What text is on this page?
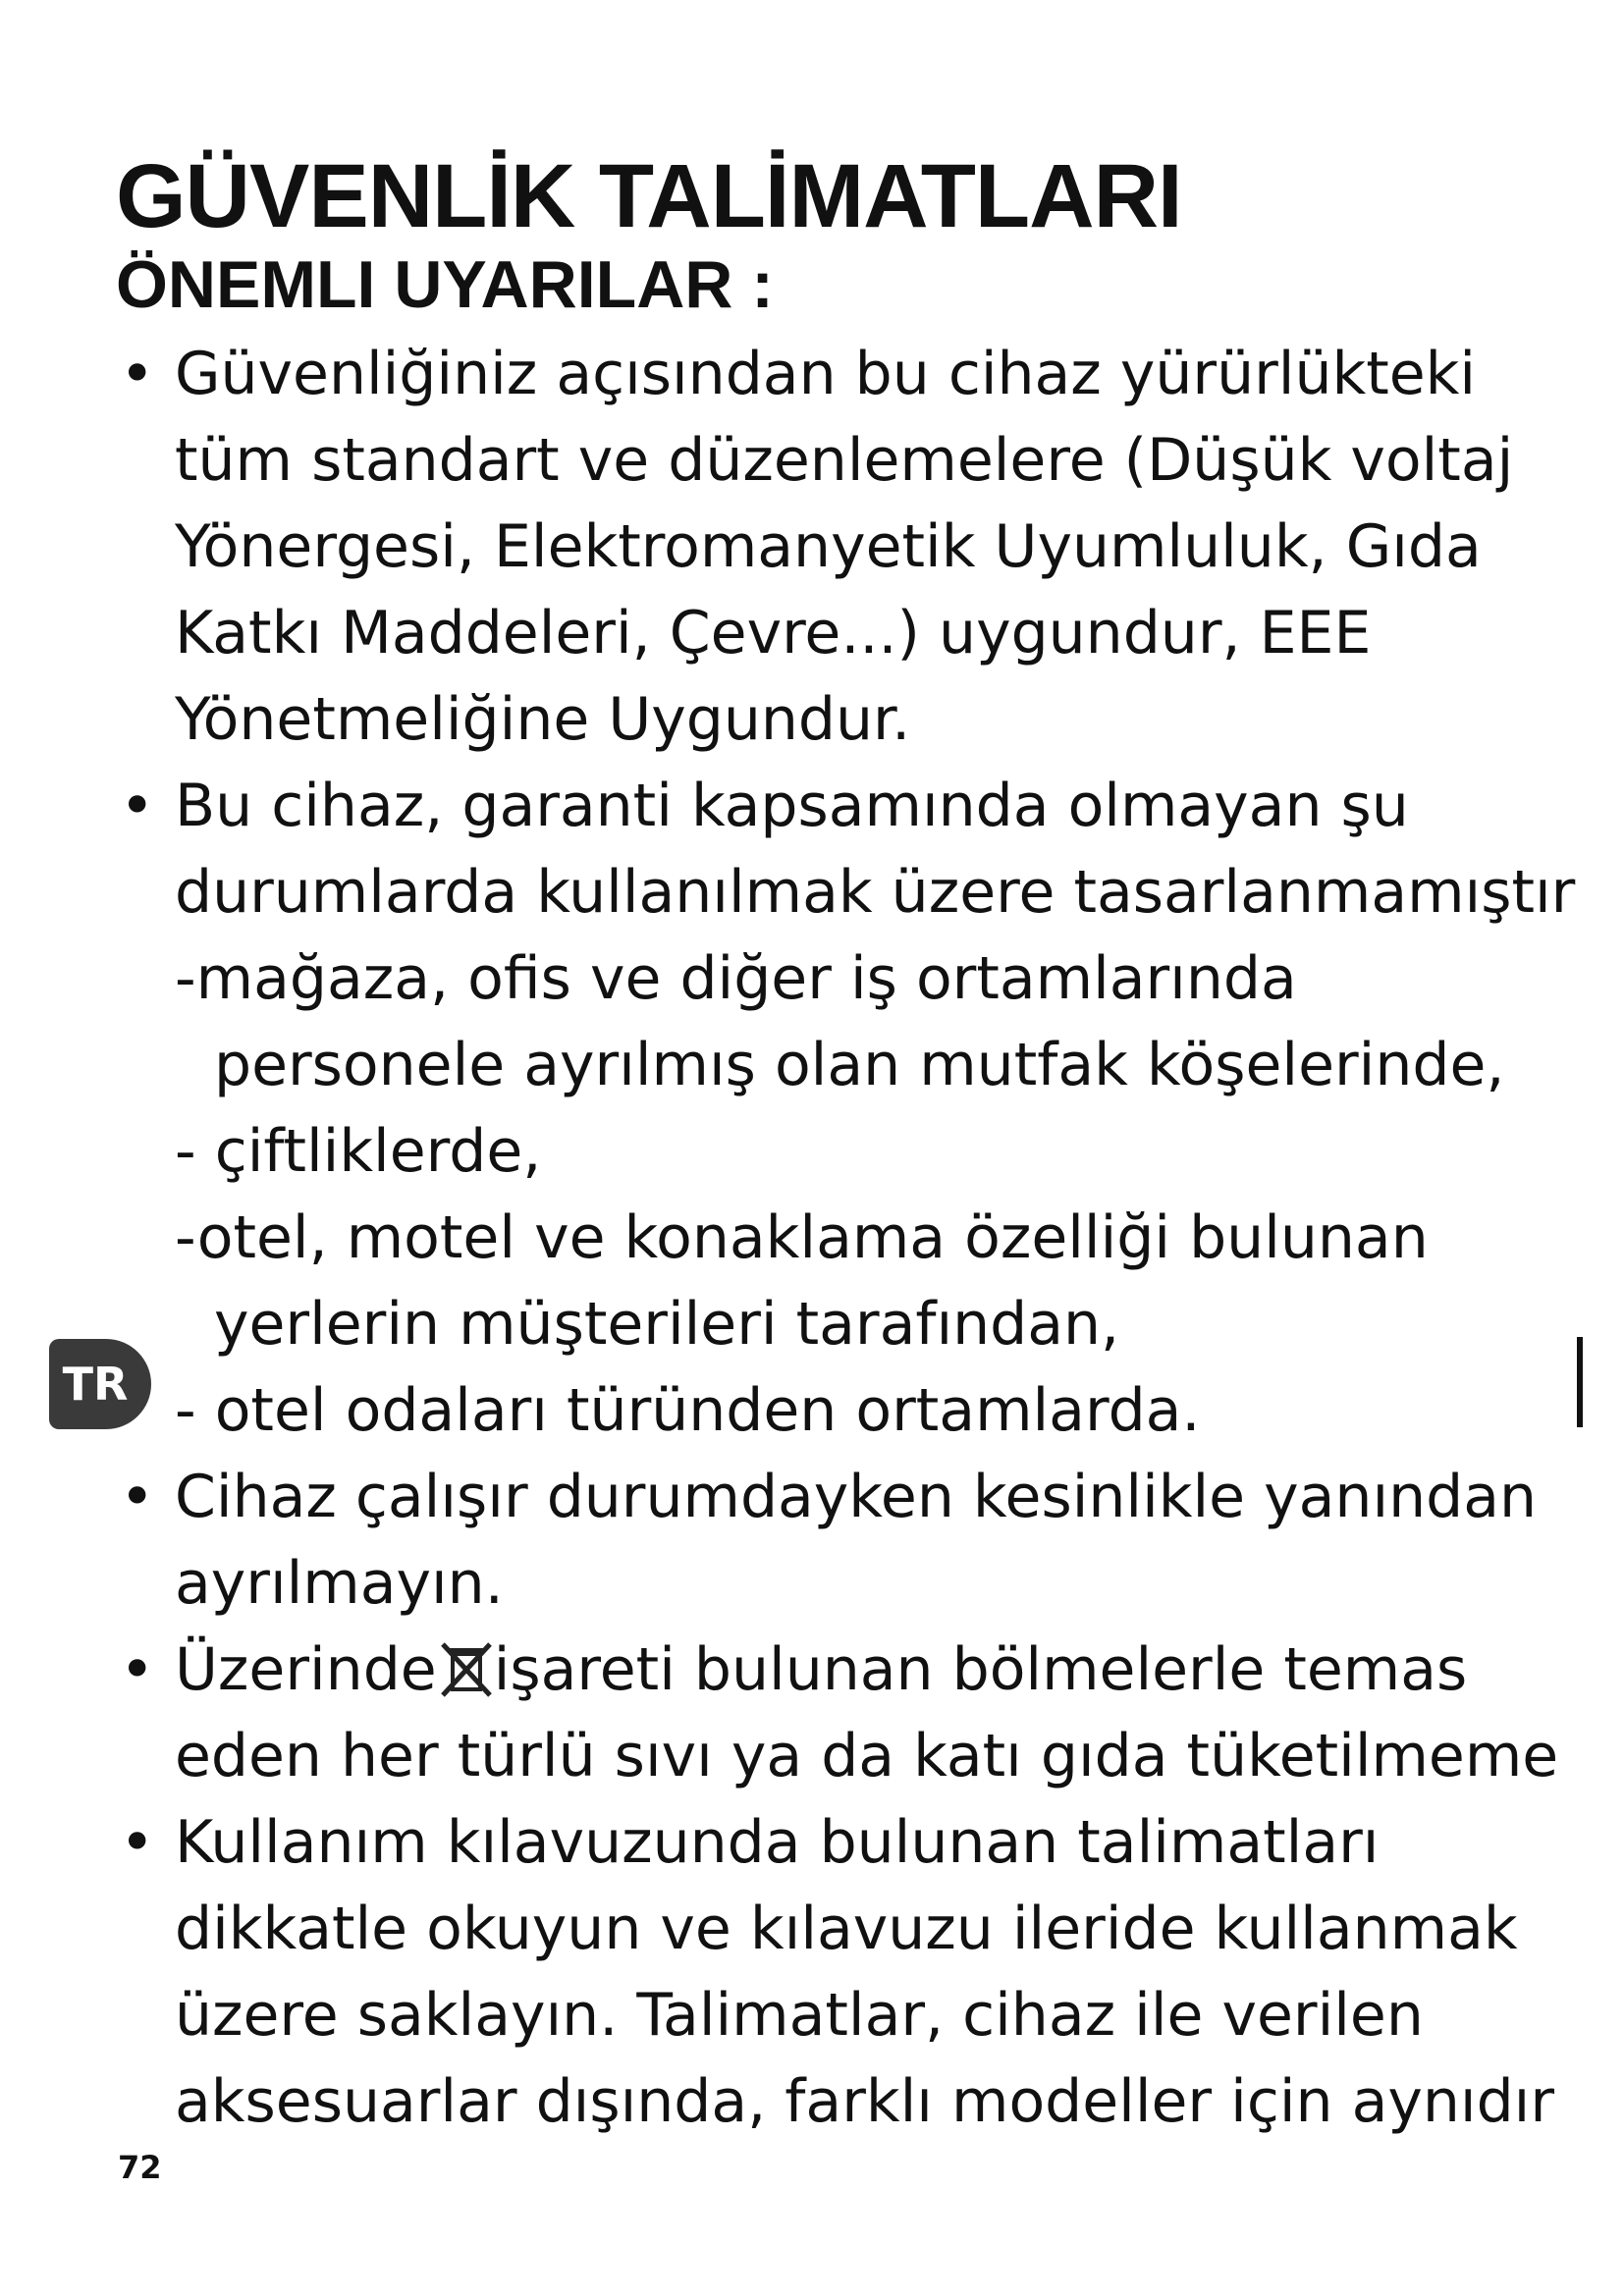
GÜVENLİK TALİMATLARI
ÖNEMLI UYARILAR :
• Güvenliğiniz açısından bu cihaz yürürlükteki
tüm standart ve düzenlemelere (Düşük voltaj
Yönergesi, Elektromanyetik Uyumluluk, Gıda
Katkı Maddeleri, Çevre...) uygundur, EEE
Yönetmeliğine Uygundur.
• Bu cihaz, garanti kapsamında olmayan şu
durumlarda kullanılmak üzere tasarlanmamıştır
-mağaza, ofis ve diğer iş ortamlarında
personele ayrılmış olan mutfak köşelerinde,
- çiftliklerde,
-otel, motel ve konaklama özelliği bulunan
yerlerin müşterileri tarafından,
- otel odaları türünden ortamlarda.
• Cihaz çalışır durumdayken kesinlikle yanından
ayrılmayın.
• Üzerinde işareti bulunan bölmelerle temas
eden her türlü sıvı ya da katı gıda tüketilmeme
• Kullanım kılavuzunda bulunan talimatları
dikkatle okuyun ve kılavuzu ileride kullanmak
üzere saklayın. Talimatlar, cihaz ile verilen
aksesuarlar dışında, farklı modeller için aynıdır
TR
72
